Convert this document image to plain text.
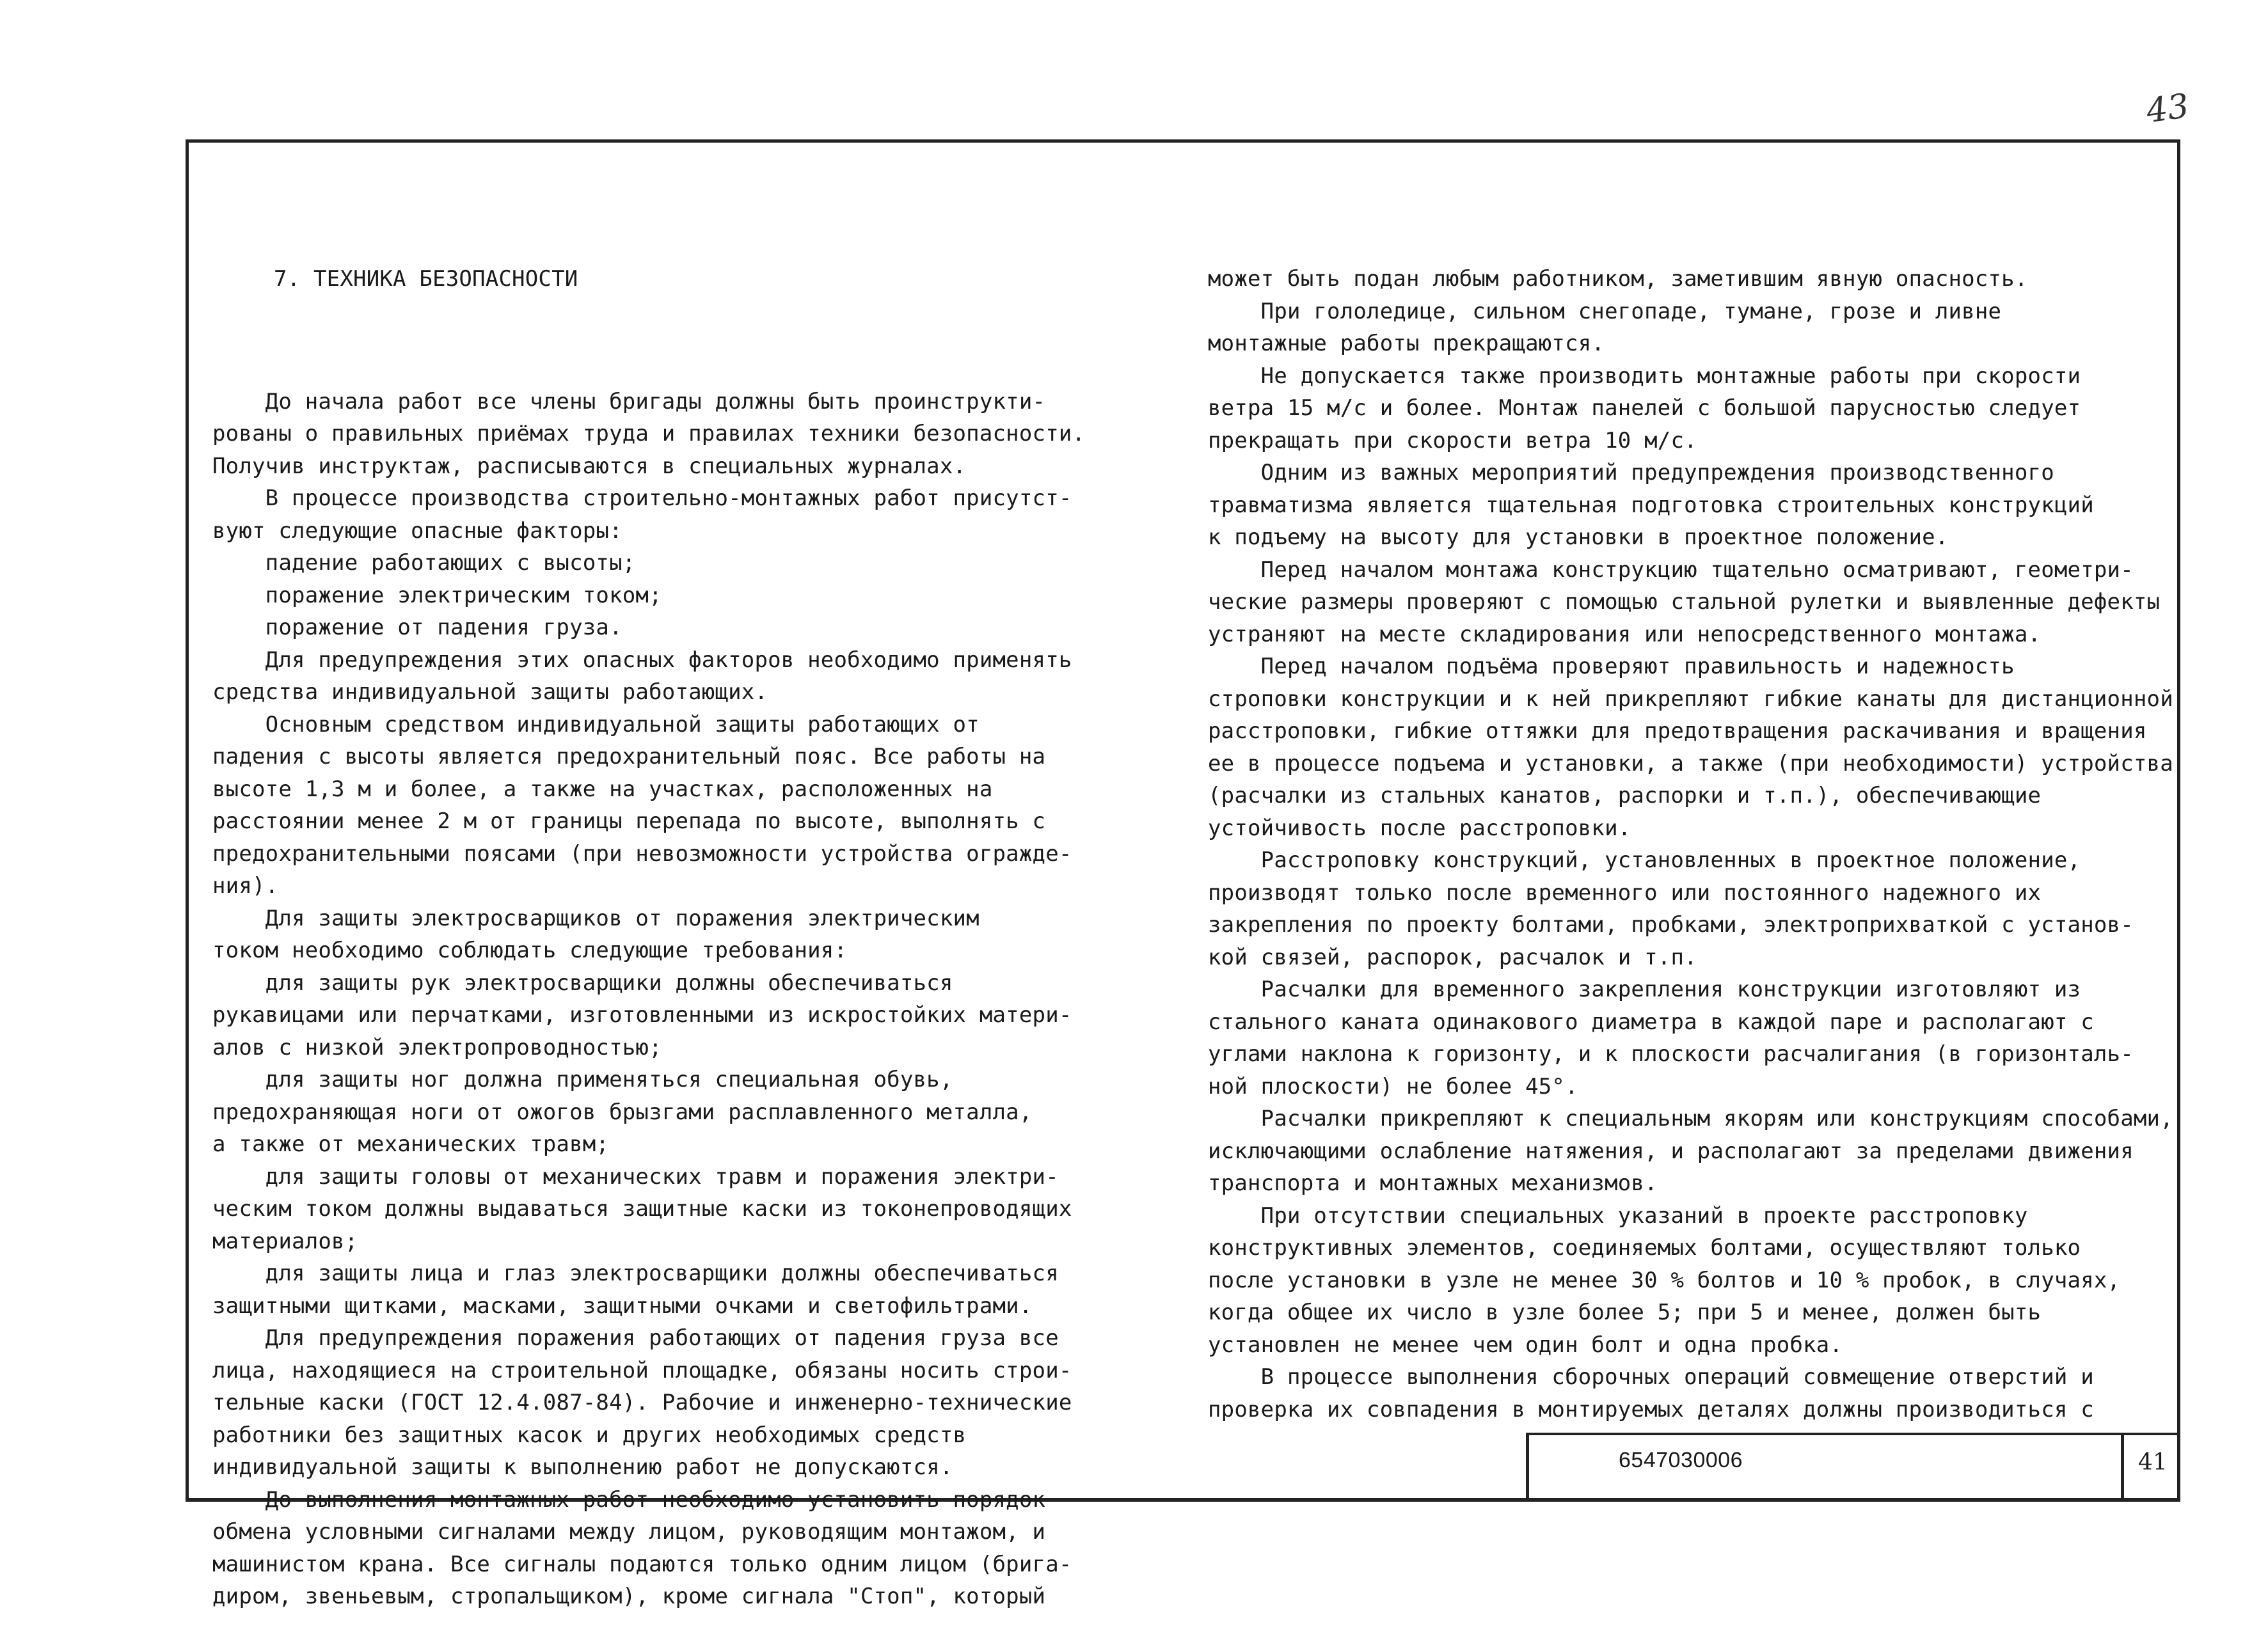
43

7. ТЕХНИКА БЕЗОПАСНОСТИ

До начала работ все члены бригады должны быть проинструкти-
рованы о правильных приёмах труда и правилах техники безопасности.
Получив инструктаж, расписываются в специальных журналах.
В процессе производства строительно-монтажных работ присутст-
вуют следующие опасные факторы:
падение работающих с высоты;
поражение электрическим током;
поражение от падения груза.
Для предупреждения этих опасных факторов необходимо применять
средства индивидуальной защиты работающих.
Основным средством индивидуальной защиты работающих от
падения с высоты является предохранительный пояс. Все работы на
высоте 1,3 м и более, а также на участках, расположенных на
расстоянии менее 2 м от границы перепада по высоте, выполнять с
предохранительными поясами (при невозможности устройства огражде-
ния).
Для защиты электросварщиков от поражения электрическим
током необходимо соблюдать следующие требования:
для защиты рук электросварщики должны обеспечиваться
рукавицами или перчатками, изготовленными из искростойких матери-
алов с низкой электропроводностью;
для защиты ног должна применяться специальная обувь,
предохраняющая ноги от ожогов брызгами расплавленного металла,
а также от механических травм;
для защиты головы от механических травм и поражения электри-
ческим током должны выдаваться защитные каски из токонепроводящих
материалов;
для защиты лица и глаз электросварщики должны обеспечиваться
защитными щитками, масками, защитными очками и светофильтрами.
Для предупреждения поражения работающих от падения груза все
лица, находящиеся на строительной площадке, обязаны носить строи-
тельные каски (ГОСТ 12.4.087-84). Рабочие и инженерно-технические
работники без защитных касок и других необходимых средств
индивидуальной защиты к выполнению работ не допускаются.
До выполнения монтажных работ необходимо установить порядок
обмена условными сигналами между лицом, руководящим монтажом, и
машинистом крана. Все сигналы подаются только одним лицом (брига-
диром, звеньевым, стропальщиком), кроме сигнала "Стоп", который

может быть подан любым работником, заметившим явную опасность.
При гололедице, сильном снегопаде, тумане, грозе и ливне
монтажные работы прекращаются.
Не допускается также производить монтажные работы при скорости
ветра 15 м/с и более. Монтаж панелей с большой парусностью следует
прекращать при скорости ветра 10 м/с.
Одним из важных мероприятий предупреждения производственного
травматизма является тщательная подготовка строительных конструкций
к подъему на высоту для установки в проектное положение.
Перед началом монтажа конструкцию тщательно осматривают, геометри-
ческие размеры проверяют с помощью стальной рулетки и выявленные дефекты
устраняют на месте складирования или непосредственного монтажа.
Перед началом подъёма проверяют правильность и надежность
строповки конструкции и к ней прикрепляют гибкие канаты для дистанционной
расстроповки, гибкие оттяжки для предотвращения раскачивания и вращения
ее в процессе подъема и установки, а также (при необходимости) устройства
(расчалки из стальных канатов, распорки и т.п.), обеспечивающие
устойчивость после расстроповки.
Расстроповку конструкций, установленных в проектное положение,
производят только после временного или постоянного надежного их
закрепления по проекту болтами, пробками, электроприхваткой с установ-
кой связей, распорок, расчалок и т.п.
Расчалки для временного закрепления конструкции изготовляют из
стального каната одинакового диаметра в каждой паре и располагают с
углами наклона к горизонту, и к плоскости расчалигания (в горизонталь-
ной плоскости) не более 45°.
Расчалки прикрепляют к специальным якорям или конструкциям способами,
исключающими ослабление натяжения, и располагают за пределами движения
транспорта и монтажных механизмов.
При отсутствии специальных указаний в проекте расстроповку
конструктивных элементов, соединяемых болтами, осуществляют только
после установки в узле не менее 30 % болтов и 10 % пробок, в случаях,
когда общее их число в узле более 5; при 5 и менее, должен быть
установлен не менее чем один болт и одна пробка.
В процессе выполнения сборочных операций совмещение отверстий и
проверка их совпадения в монтируемых деталях должны производиться с

6547030006	41
